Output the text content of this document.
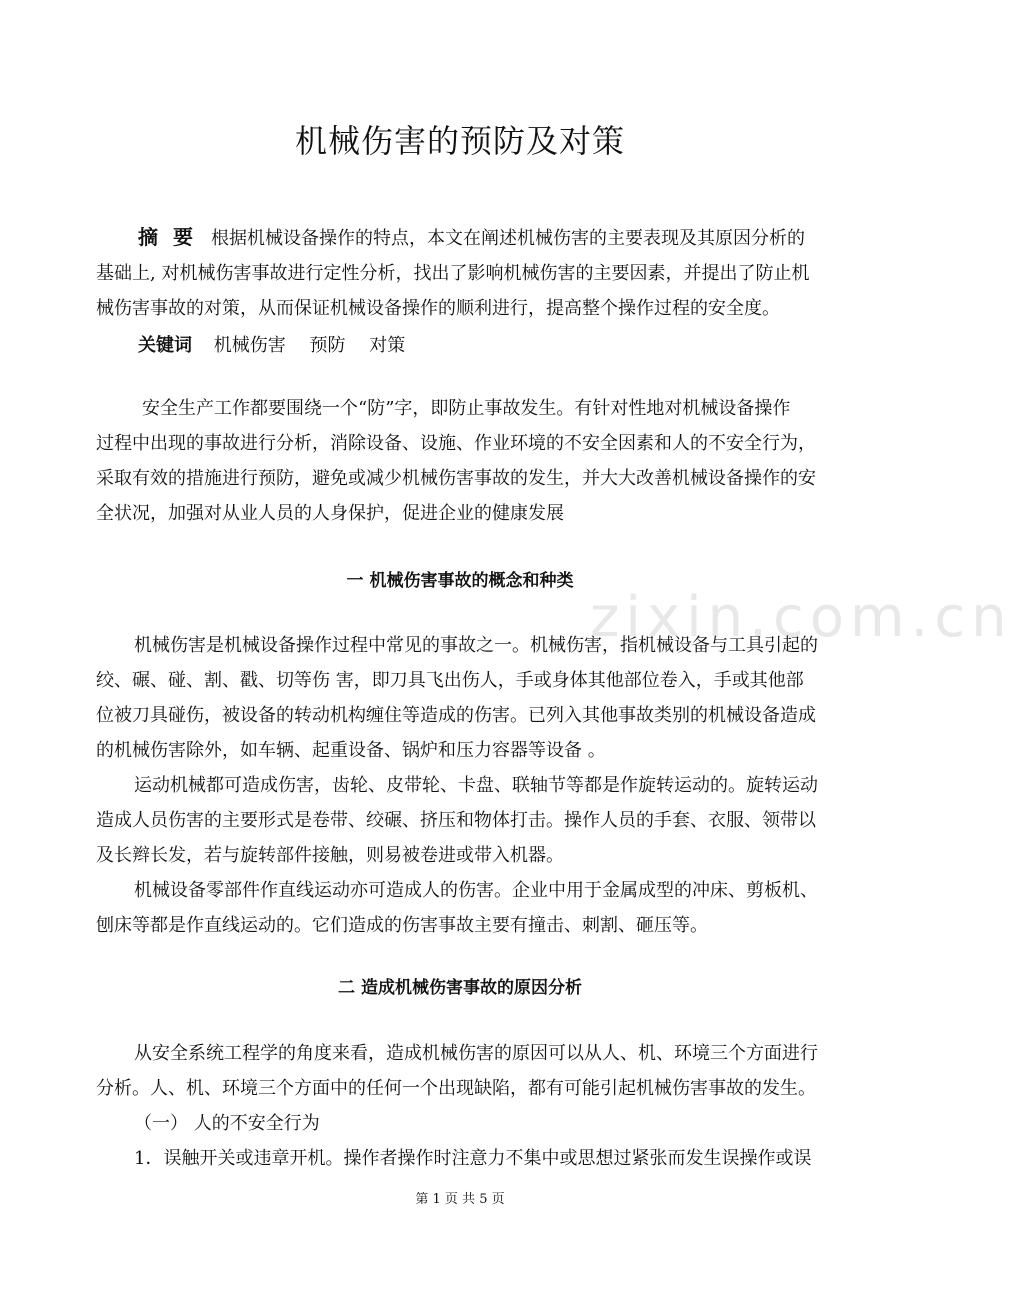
机械伤害的预防及对策
摘 要 根据机械设备操作的特点，本文在阐述机械伤害的主要表现及其原因分析的
基础上, 对机械伤害事故进行定性分析，找出了影响机械伤害的主要因素，并提出了防止机
械伤害事故的对策，从而保证机械设备操作的顺利进行，提高整个操作过程的安全度。
关键词 机械伤害 预防 对策
安全生产工作都要围绕一个“防”字，即防止事故发生。有针对性地对机械设备操作
过程中出现的事故进行分析，消除设备、设施、作业环境的不安全因素和人的不安全行为，
采取有效的措施进行预防，避免或减少机械伤害事故的发生，并大大改善机械设备操作的安
全状况，加强对从业人员的人身保护，促进企业的健康发展
一 机械伤害事故的概念和种类
zixin.com.cn
机械伤害是机械设备操作过程中常见的事故之一。机械伤害，指机械设备与工具引起的
绞、碾、碰、割、戳、切等伤 害，即刀具飞出伤人，手或身体其他部位卷入，手或其他部
位被刀具碰伤，被设备的转动机构缠住等造成的伤害。已列入其他事故类别的机械设备造成
的机械伤害除外，如车辆、起重设备、锅炉和压力容器等设备 。
运动机械都可造成伤害，齿轮、皮带轮、卡盘、联轴节等都是作旋转运动的。旋转运动
造成人员伤害的主要形式是卷带、绞碾、挤压和物体打击。操作人员的手套、衣服、领带以
及长辫长发，若与旋转部件接触，则易被卷进或带入机器。
机械设备零部件作直线运动亦可造成人的伤害。企业中用于金属成型的冲床、剪板机、
刨床等都是作直线运动的。它们造成的伤害事故主要有撞击、刺割、砸压等。
二 造成机械伤害事故的原因分析
从安全系统工程学的角度来看，造成机械伤害的原因可以从人、机、环境三个方面进行
分析。人、机、环境三个方面中的任何一个出现缺陷，都有可能引起机械伤害事故的发生。
（一） 人的不安全行为
1．误触开关或违章开机。操作者操作时注意力不集中或思想过紧张而发生误操作或误
第 1 页 共 5 页
